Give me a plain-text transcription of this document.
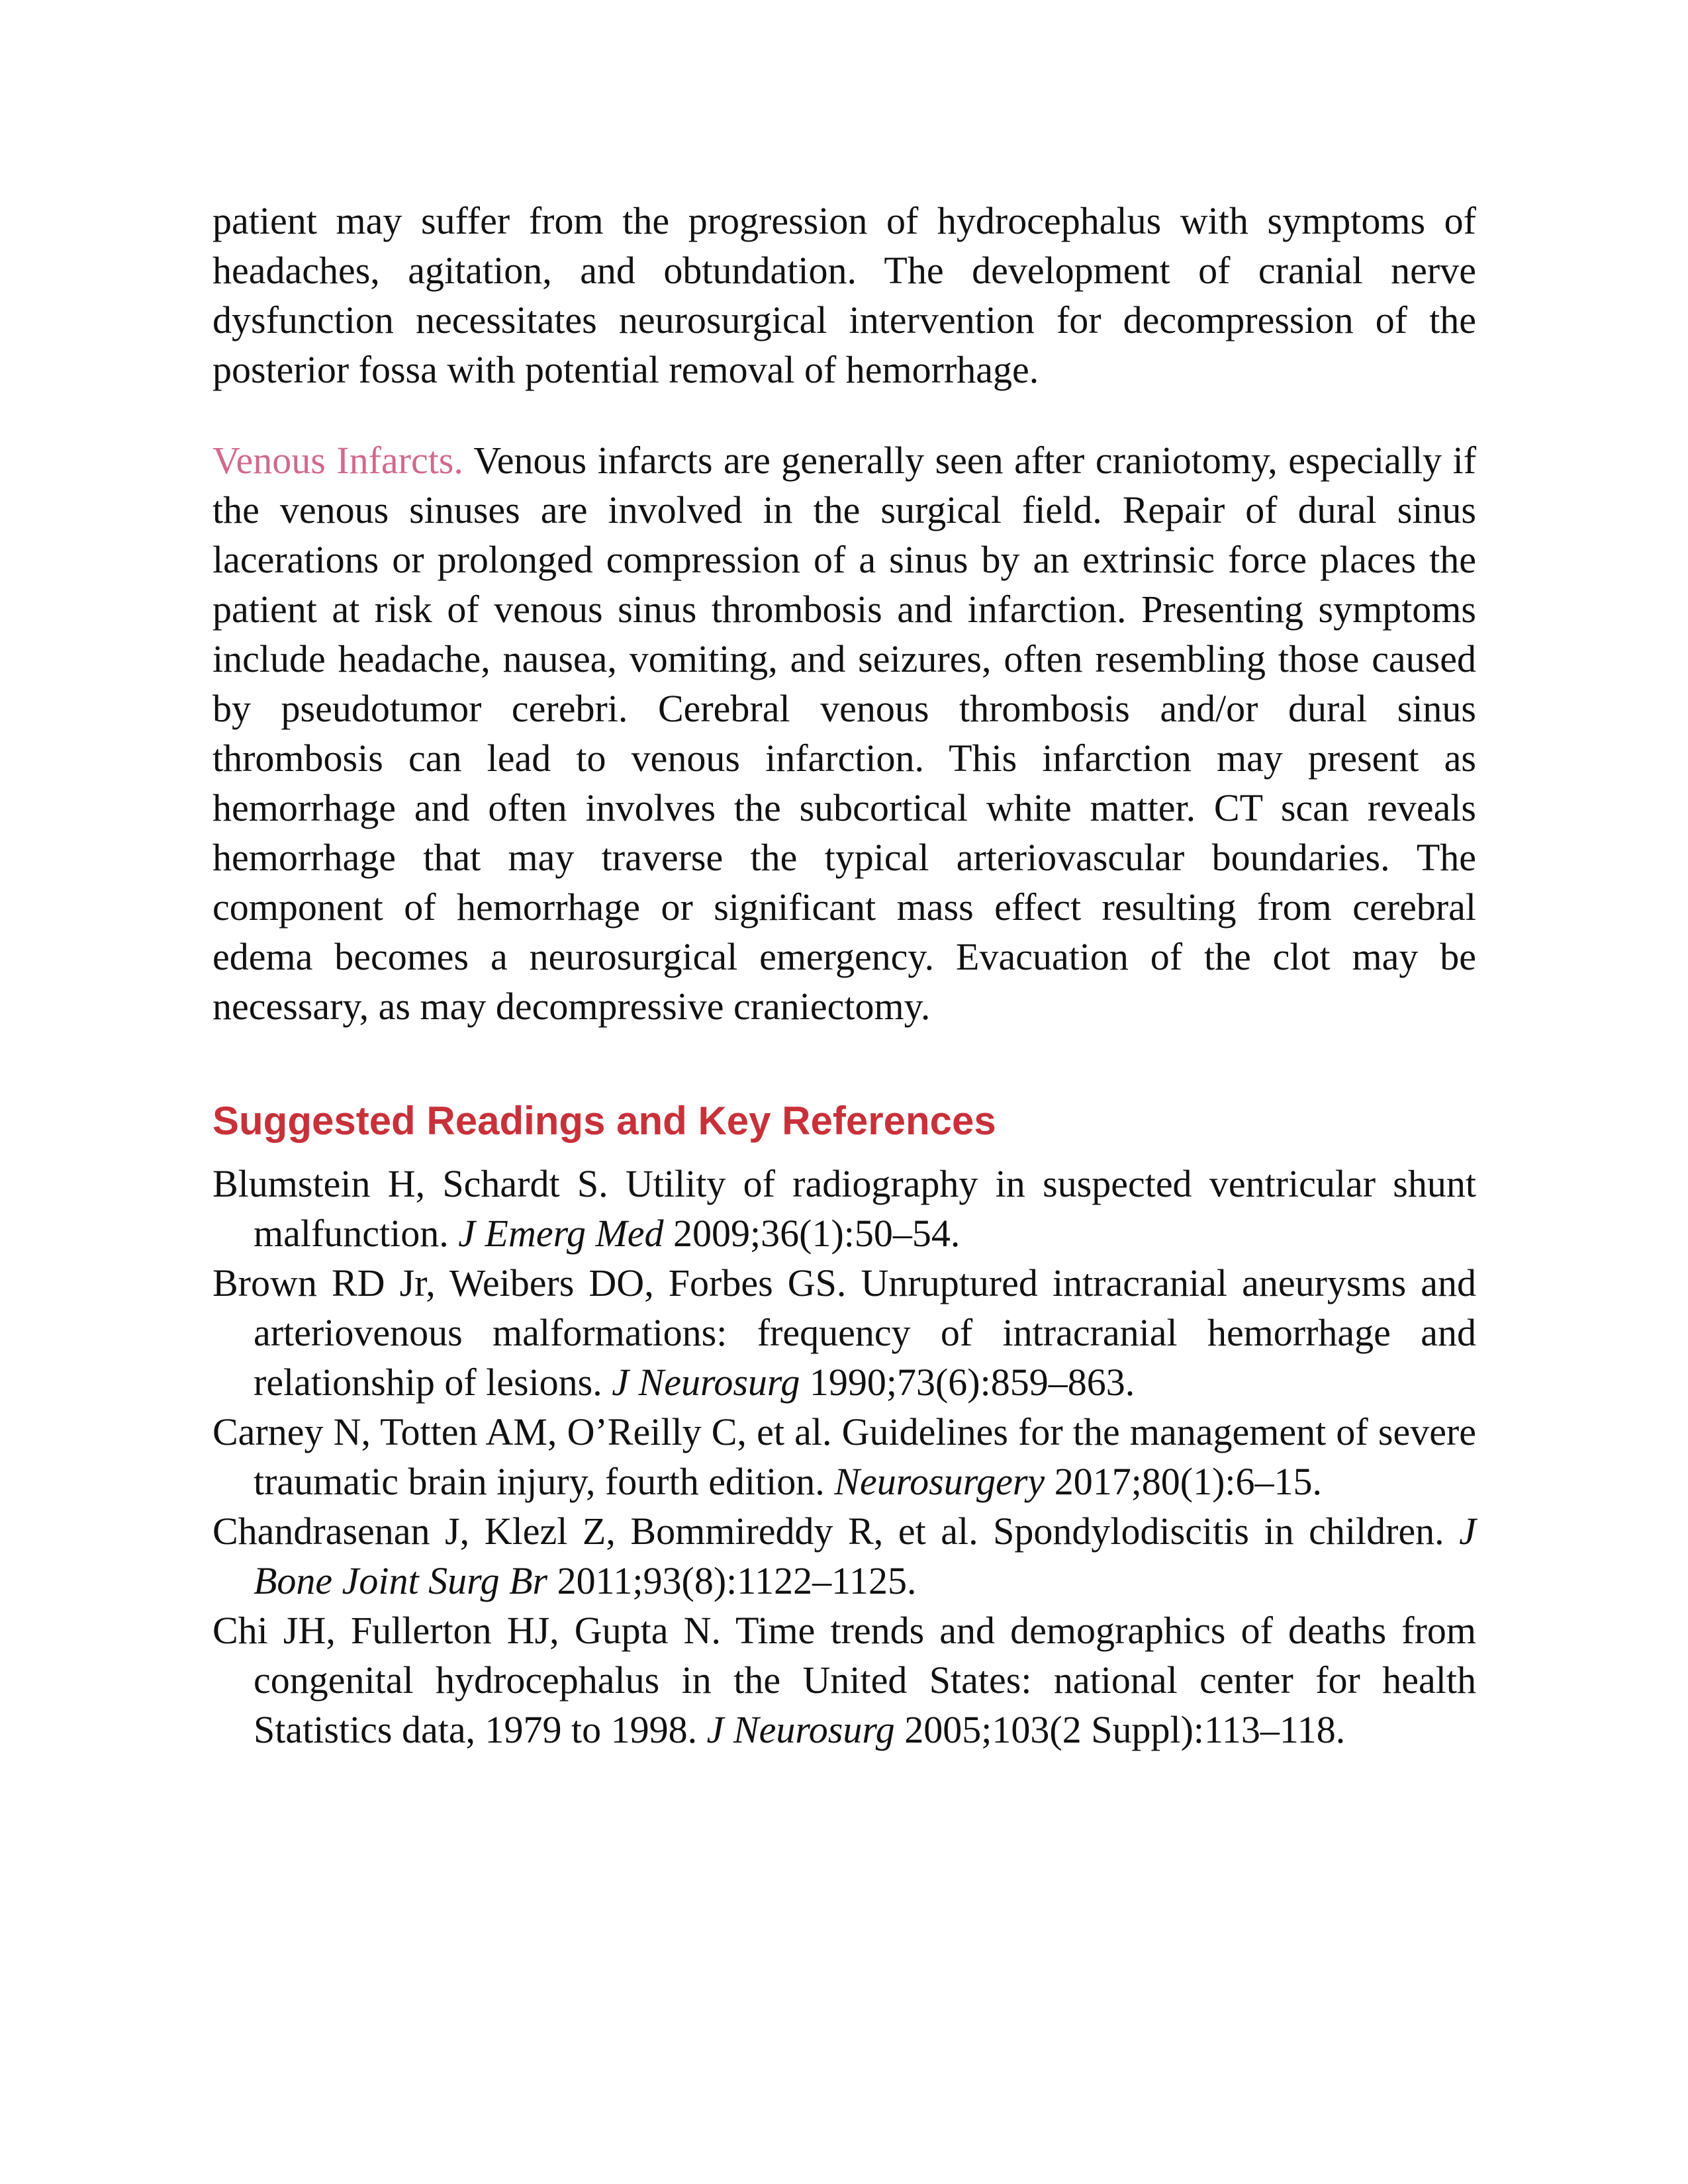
patient may suffer from the progression of hydrocephalus with symptoms of headaches, agitation, and obtundation. The development of cranial nerve dysfunction necessitates neurosurgical intervention for decompression of the posterior fossa with potential removal of hemorrhage.

Venous Infarcts. Venous infarcts are generally seen after craniotomy, especially if the venous sinuses are involved in the surgical field. Repair of dural sinus lacerations or prolonged compression of a sinus by an extrinsic force places the patient at risk of venous sinus thrombosis and infarction. Presenting symptoms include headache, nausea, vomiting, and seizures, often resembling those caused by pseudotumor cerebri. Cerebral venous thrombosis and/or dural sinus thrombosis can lead to venous infarction. This infarction may present as hemorrhage and often involves the subcortical white matter. CT scan reveals hemorrhage that may traverse the typical arteriovascular boundaries. The component of hemorrhage or significant mass effect resulting from cerebral edema becomes a neurosurgical emergency. Evacuation of the clot may be necessary, as may decompressive craniectomy.

Suggested Readings and Key References
Blumstein H, Schardt S. Utility of radiography in suspected ventricular shunt malfunction. J Emerg Med 2009;36(1):50–54.
Brown RD Jr, Weibers DO, Forbes GS. Unruptured intracranial aneurysms and arteriovenous malformations: frequency of intracranial hemorrhage and relationship of lesions. J Neurosurg 1990;73(6):859–863.
Carney N, Totten AM, O’Reilly C, et al. Guidelines for the management of severe traumatic brain injury, fourth edition. Neurosurgery 2017;80(1):6–15.
Chandrasenan J, Klezl Z, Bommireddy R, et al. Spondylodiscitis in children. J Bone Joint Surg Br 2011;93(8):1122–1125.
Chi JH, Fullerton HJ, Gupta N. Time trends and demographics of deaths from congenital hydrocephalus in the United States: national center for health Statistics data, 1979 to 1998. J Neurosurg 2005;103(2 Suppl):113–118.
